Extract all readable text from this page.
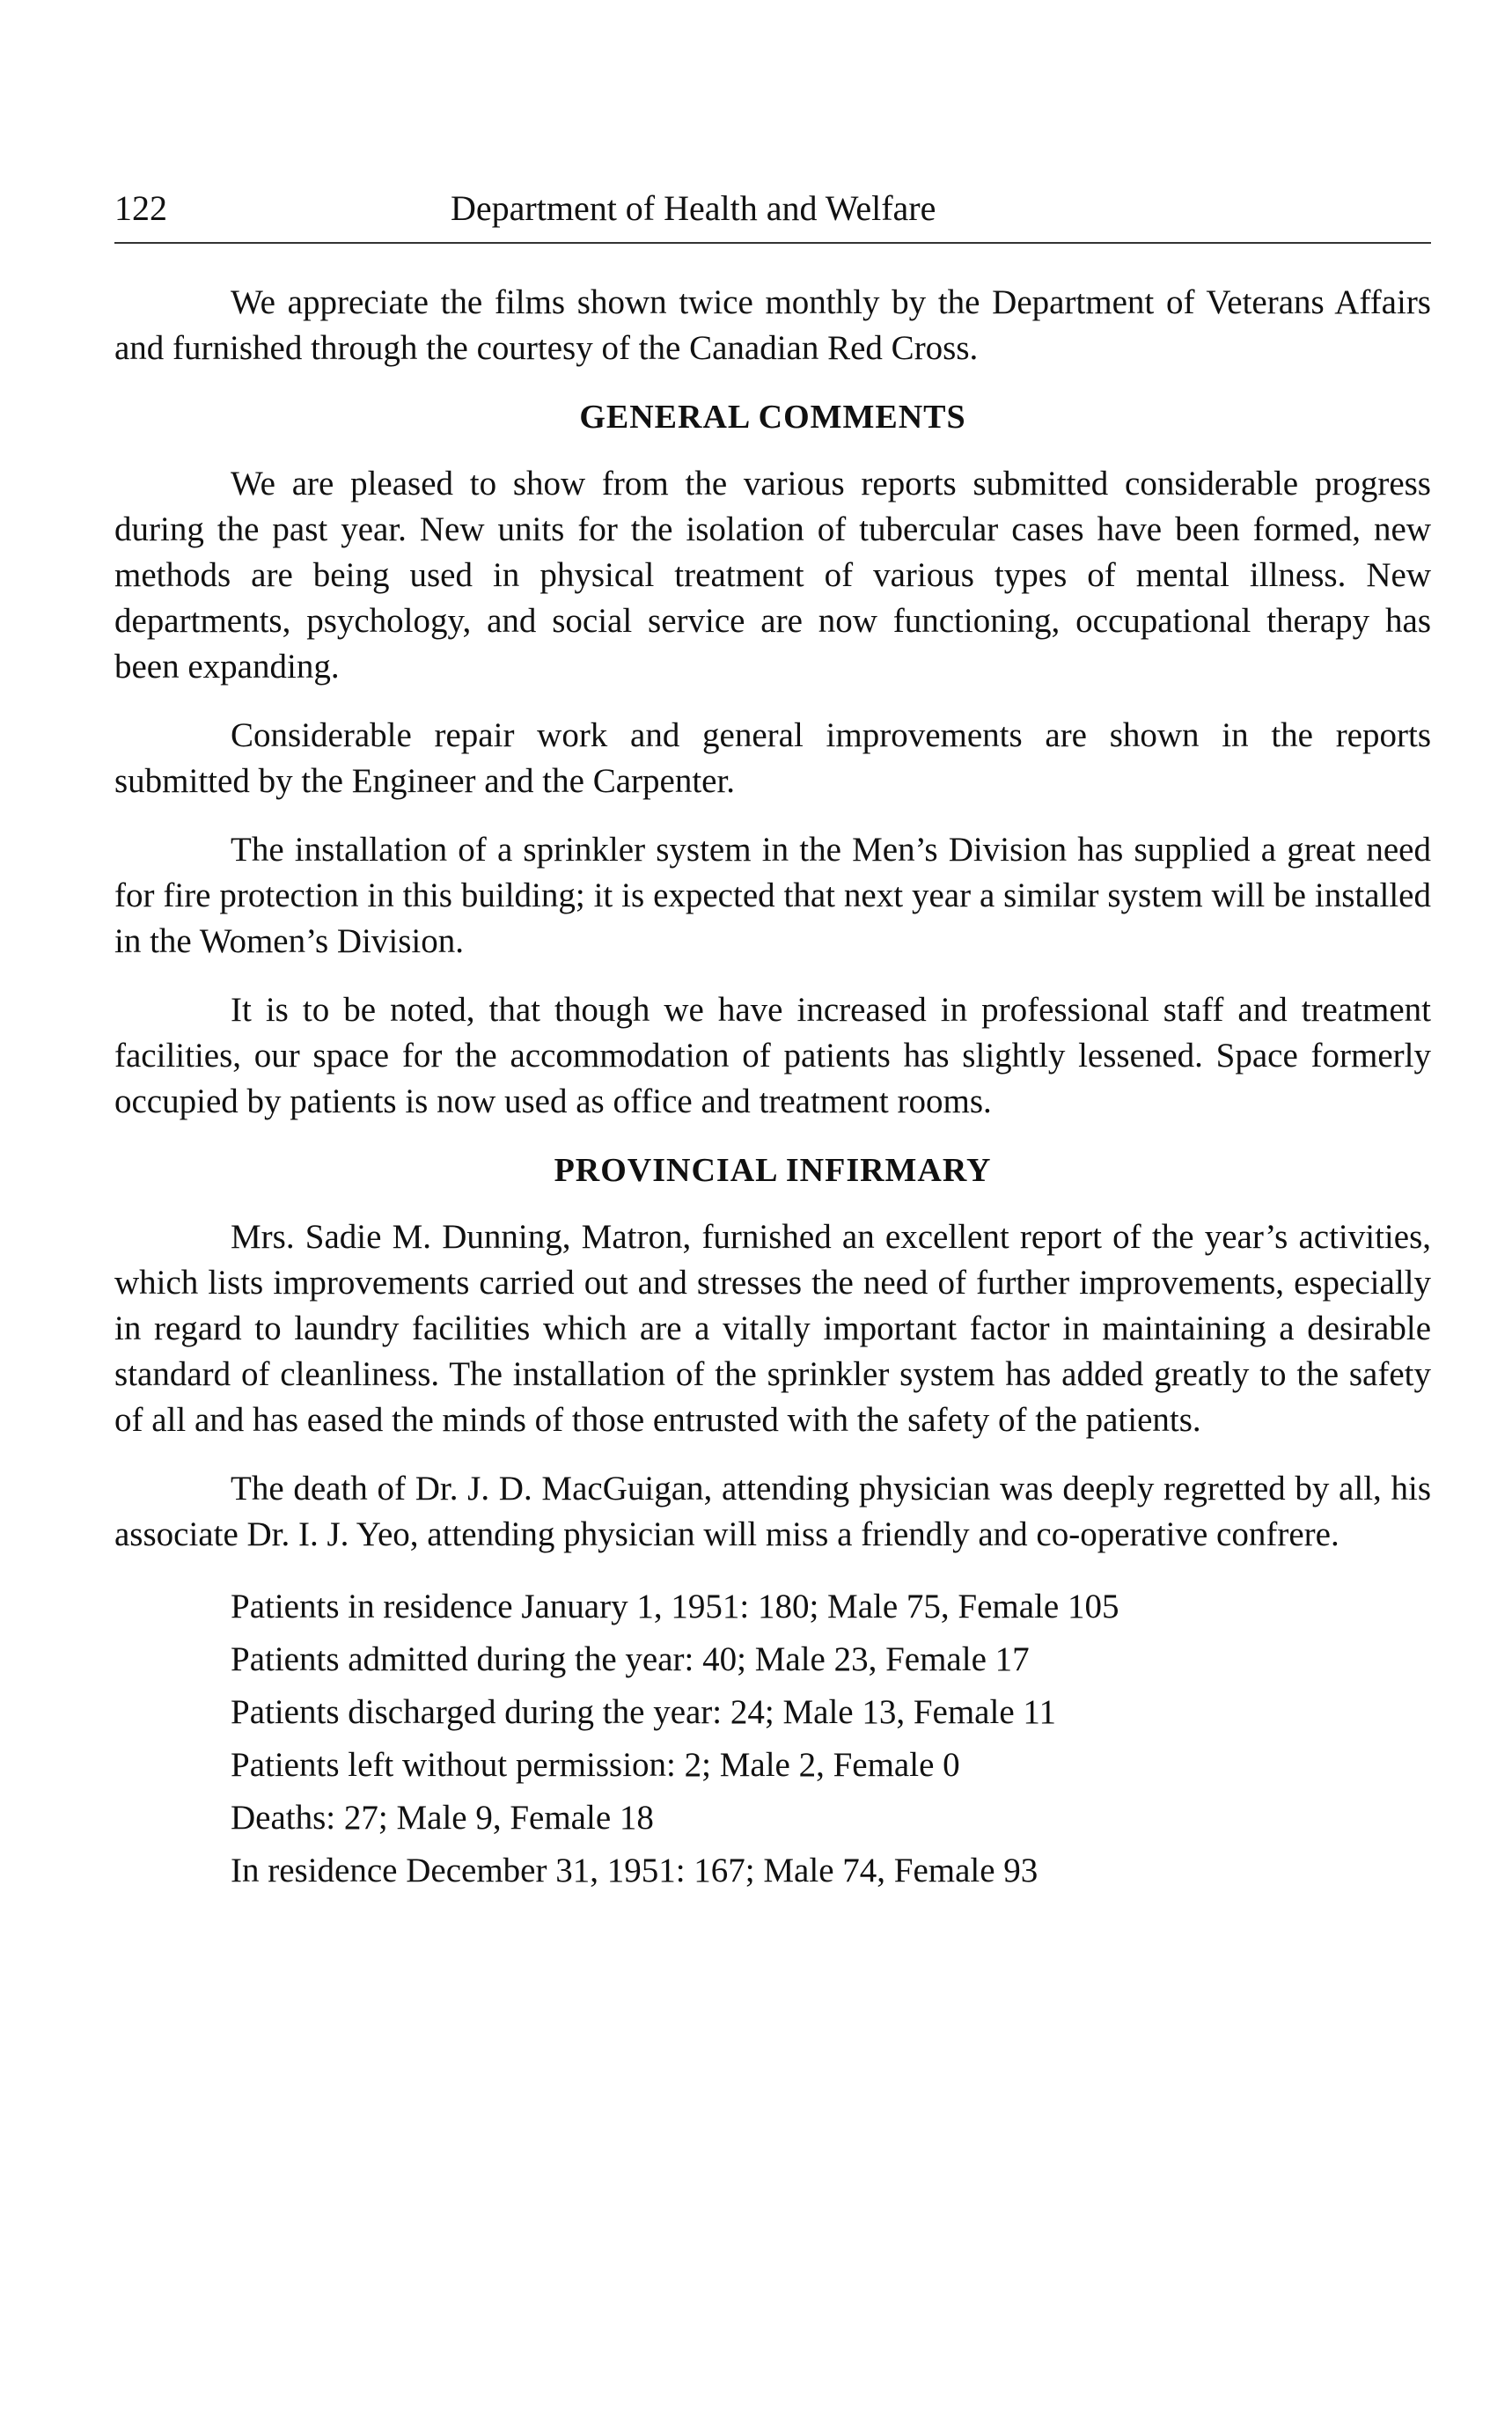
122	Department of Health and Welfare

We appreciate the films shown twice monthly by the Department of Veterans Affairs and furnished through the courtesy of the Canadian Red Cross.

GENERAL COMMENTS

We are pleased to show from the various reports submitted considerable progress during the past year. New units for the isolation of tubercular cases have been formed, new methods are being used in physical treatment of various types of mental illness. New departments, psychology, and social service are now functioning, occupational therapy has been expanding.

Considerable repair work and general improvements are shown in the reports submitted by the Engineer and the Carpenter.

The installation of a sprinkler system in the Men’s Division has supplied a great need for fire protection in this building; it is expected that next year a similar system will be installed in the Women’s Division.

It is to be noted, that though we have increased in professional staff and treatment facilities, our space for the accommodation of patients has slightly lessened. Space formerly occupied by patients is now used as office and treatment rooms.

PROVINCIAL INFIRMARY

Mrs. Sadie M. Dunning, Matron, furnished an excellent report of the year’s activities, which lists improvements carried out and stresses the need of further improvements, especially in regard to laundry facilities which are a vitally important factor in maintaining a desirable standard of cleanliness. The installation of the sprinkler system has added greatly to the safety of all and has eased the minds of those entrusted with the safety of the patients.

The death of Dr. J. D. MacGuigan, attending physician was deeply regretted by all, his associate Dr. I. J. Yeo, attending physician will miss a friendly and co-operative confrere.

Patients in residence January 1, 1951: 180; Male 75, Female 105
Patients admitted during the year: 40; Male 23, Female 17
Patients discharged during the year: 24; Male 13, Female 11
Patients left without permission: 2; Male 2, Female 0
Deaths: 27; Male 9, Female 18
In residence December 31, 1951: 167; Male 74, Female 93
